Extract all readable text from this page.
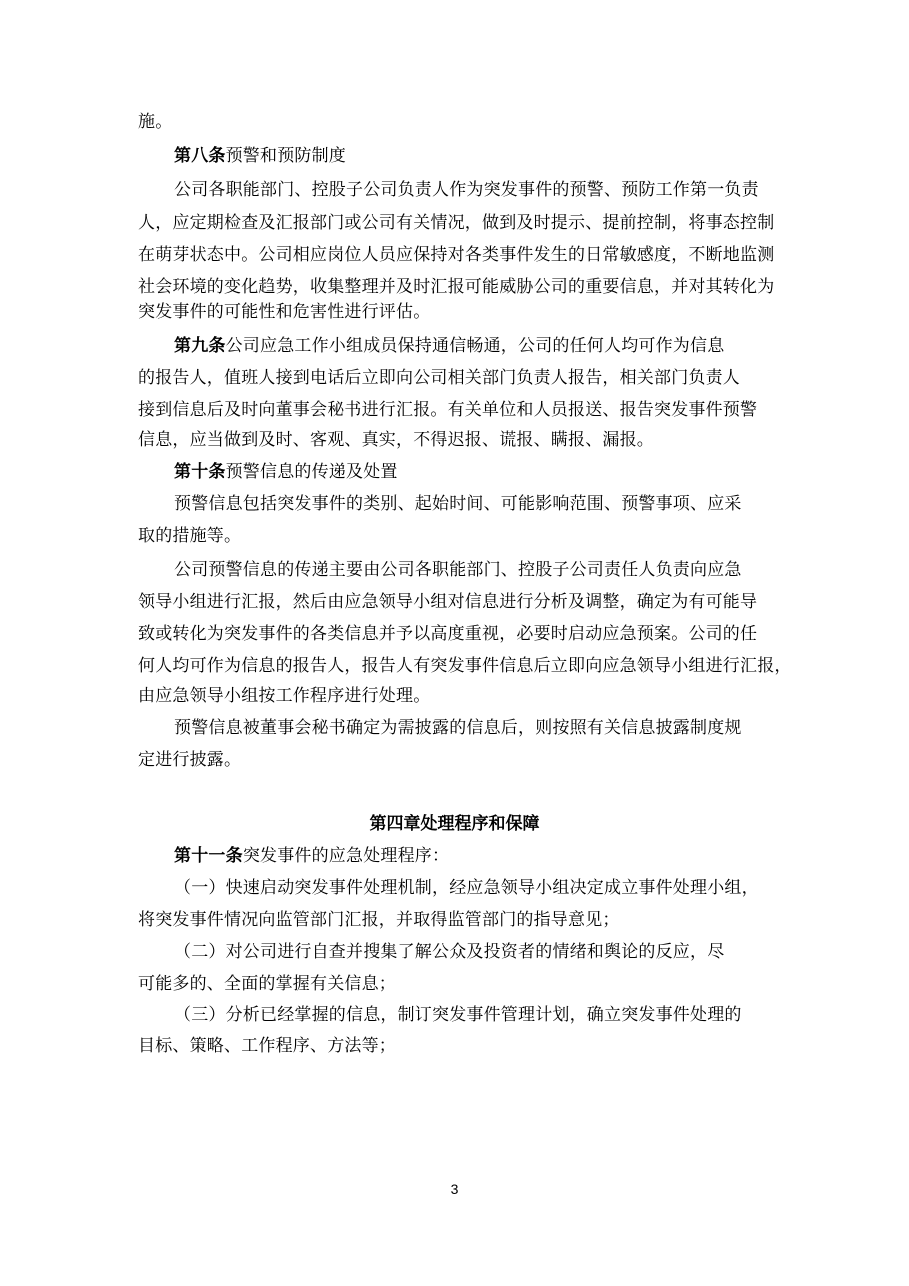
施。
第八条预警和预防制度
公司各职能部门、控股子公司负责人作为突发事件的预警、预防工作第一负责
人，应定期检查及汇报部门或公司有关情况，做到及时提示、提前控制，将事态控制
在萌芽状态中。公司相应岗位人员应保持对各类事件发生的日常敏感度，不断地监测
社会环境的变化趋势，收集整理并及时汇报可能威胁公司的重要信息，并对其转化为
突发事件的可能性和危害性进行评估。
第九条公司应急工作小组成员保持通信畅通，公司的任何人均可作为信息
的报告人，值班人接到电话后立即向公司相关部门负责人报告，相关部门负责人
接到信息后及时向董事会秘书进行汇报。有关单位和人员报送、报告突发事件预警
信息，应当做到及时、客观、真实，不得迟报、谎报、瞒报、漏报。
第十条预警信息的传递及处置
预警信息包括突发事件的类别、起始时间、可能影响范围、预警事项、应采
取的措施等。
公司预警信息的传递主要由公司各职能部门、控股子公司责任人负责向应急
领导小组进行汇报，然后由应急领导小组对信息进行分析及调整，确定为有可能导
致或转化为突发事件的各类信息并予以高度重视，必要时启动应急预案。公司的任
何人均可作为信息的报告人，报告人有突发事件信息后立即向应急领导小组进行汇报，
由应急领导小组按工作程序进行处理。
预警信息被董事会秘书确定为需披露的信息后，则按照有关信息披露制度规
定进行披露。
第四章处理程序和保障
第十一条突发事件的应急处理程序：
（一）快速启动突发事件处理机制，经应急领导小组决定成立事件处理小组，
将突发事件情况向监管部门汇报，并取得监管部门的指导意见；
（二）对公司进行自查并搜集了解公众及投资者的情绪和舆论的反应，尽
可能多的、全面的掌握有关信息；
（三）分析已经掌握的信息，制订突发事件管理计划，确立突发事件处理的
目标、策略、工作程序、方法等；
3
